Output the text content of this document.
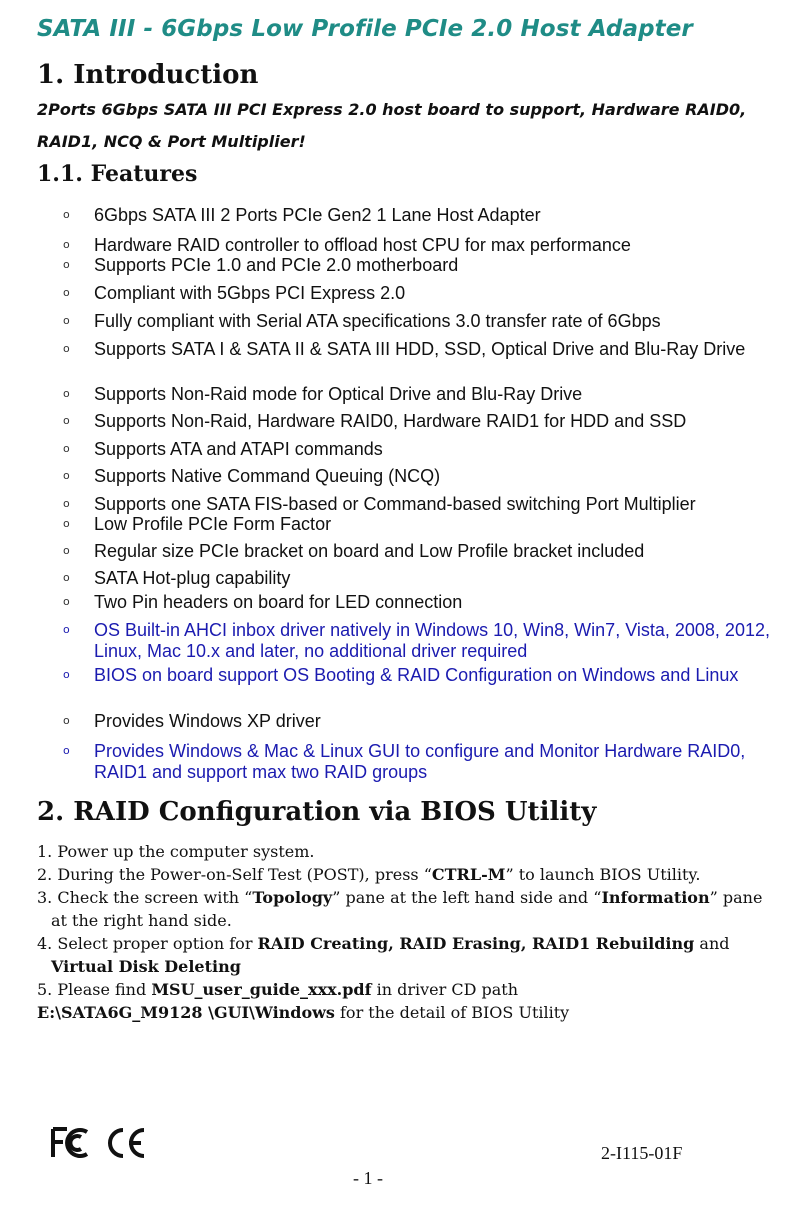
SATA III - 6Gbps Low Profile PCIe 2.0 Host Adapter
1. Introduction
2Ports 6Gbps SATA III PCI Express 2.0 host board to support, Hardware RAID0, RAID1, NCQ & Port Multiplier!
1.1. Features
o 6Gbps SATA III 2 Ports PCIe Gen2 1 Lane Host Adapter
o Hardware RAID controller to offload host CPU for max performance
o Supports PCIe 1.0 and PCIe 2.0 motherboard
o Compliant with 5Gbps PCI Express 2.0
o Fully compliant with Serial ATA specifications 3.0 transfer rate of 6Gbps
o Supports SATA I & SATA II & SATA III HDD, SSD, Optical Drive and Blu-Ray Drive
o Supports Non-Raid mode for Optical Drive and Blu-Ray Drive
o Supports Non-Raid, Hardware RAID0, Hardware RAID1 for HDD and SSD
o Supports ATA and ATAPI commands
o Supports Native Command Queuing (NCQ)
o Supports one SATA FIS-based or Command-based switching Port Multiplier
o Low Profile PCIe Form Factor
o Regular size PCIe bracket on board and Low Profile bracket included
o SATA Hot-plug capability
o Two Pin headers on board for LED connection
o OS Built-in AHCI inbox driver natively in Windows 10, Win8, Win7, Vista, 2008, 2012, Linux, Mac 10.x and later, no additional driver required
o BIOS on board support OS Booting & RAID Configuration on Windows and Linux
o Provides Windows XP driver
o Provides Windows & Mac & Linux GUI to configure and Monitor Hardware RAID0, RAID1 and support max two RAID groups
2. RAID Configuration via BIOS Utility

1. Power up the computer system.

2. During the Power-on-Self Test (POST), press “CTRL-M” to launch BIOS Utility.

3. Check the screen with “Topology” pane at the left hand side and “Information” pane at the right hand side.

4. Select proper option for RAID Creating, RAID Erasing, RAID1 Rebuilding and Virtual Disk Deleting

5. Please find MSU_user_guide_xxx.pdf in driver CD path

E:\SATA6G_M9128 \GUI\Windows for the detail of BIOS Utility

2-I115-01F
- 1 -
